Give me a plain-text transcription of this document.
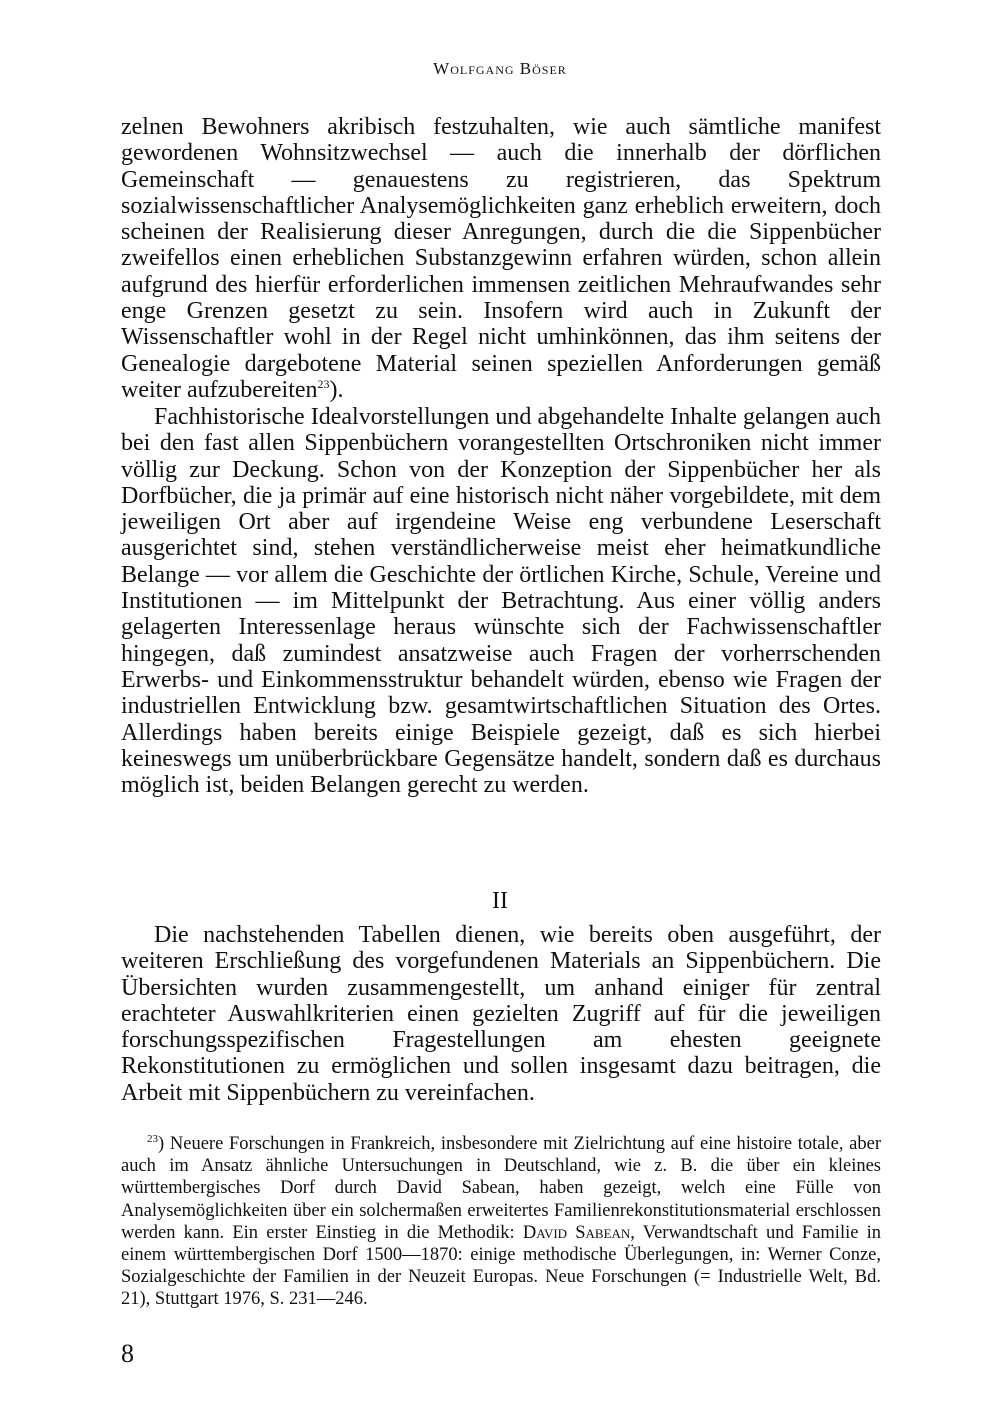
Wolfgang Böser

zelnen Bewohners akribisch festzuhalten, wie auch sämtliche manifest gewordenen Wohnsitzwechsel — auch die innerhalb der dörflichen Gemeinschaft — genauestens zu registrieren, das Spektrum sozialwissenschaftlicher Analysemöglichkeiten ganz erheblich erweitern, doch scheinen der Realisierung dieser Anregungen, durch die die Sippenbücher zweifellos einen erheblichen Substanzgewinn erfahren würden, schon allein aufgrund des hierfür erforderlichen immensen zeitlichen Mehraufwandes sehr enge Grenzen gesetzt zu sein. Insofern wird auch in Zukunft der Wissenschaftler wohl in der Regel nicht umhinkönnen, das ihm seitens der Genealogie dargebotene Material seinen speziellen Anforderungen gemäß weiter aufzubereiten$^{23}$).

Fachhistorische Idealvorstellungen und abgehandelte Inhalte gelangen auch bei den fast allen Sippenbüchern vorangestellten Ortschroniken nicht immer völlig zur Deckung. Schon von der Konzeption der Sippenbücher her als Dorfbücher, die ja primär auf eine historisch nicht näher vorgebildete, mit dem jeweiligen Ort aber auf irgendeine Weise eng verbundene Leserschaft ausgerichtet sind, stehen verständlicherweise meist eher heimatkundliche Belange — vor allem die Geschichte der örtlichen Kirche, Schule, Vereine und Institutionen — im Mittelpunkt der Betrachtung. Aus einer völlig anders gelagerten Interessenlage heraus wünschte sich der Fachwissenschaftler hingegen, daß zumindest ansatzweise auch Fragen der vorherrschenden Erwerbs- und Einkommensstruktur behandelt würden, ebenso wie Fragen der industriellen Entwicklung bzw. gesamtwirtschaftlichen Situation des Ortes. Allerdings haben bereits einige Beispiele gezeigt, daß es sich hierbei keineswegs um unüberbrückbare Gegensätze handelt, sondern daß es durchaus möglich ist, beiden Belangen gerecht zu werden.

II

Die nachstehenden Tabellen dienen, wie bereits oben ausgeführt, der weiteren Erschließung des vorgefundenen Materials an Sippenbüchern. Die Übersichten wurden zusammengestellt, um anhand einiger für zentral erachteter Auswahlkriterien einen gezielten Zugriff auf für die jeweiligen forschungsspezifischen Fragestellungen am ehesten geeignete Rekonstitutionen zu ermöglichen und sollen insgesamt dazu beitragen, die Arbeit mit Sippenbüchern zu vereinfachen.

$^{23}$) Neuere Forschungen in Frankreich, insbesondere mit Zielrichtung auf eine histoire totale, aber auch im Ansatz ähnliche Untersuchungen in Deutschland, wie z. B. die über ein kleines württembergisches Dorf durch David Sabean, haben gezeigt, welch eine Fülle von Analysemöglichkeiten über ein solchermaßen erweitertes Familienrekonstitutionsmaterial erschlossen werden kann. Ein erster Einstieg in die Methodik: David Sabean, Verwandtschaft und Familie in einem württembergischen Dorf 1500—1870: einige methodische Überlegungen, in: Werner Conze, Sozialgeschichte der Familien in der Neuzeit Europas. Neue Forschungen (= Industrielle Welt, Bd. 21), Stuttgart 1976, S. 231—246.
8
